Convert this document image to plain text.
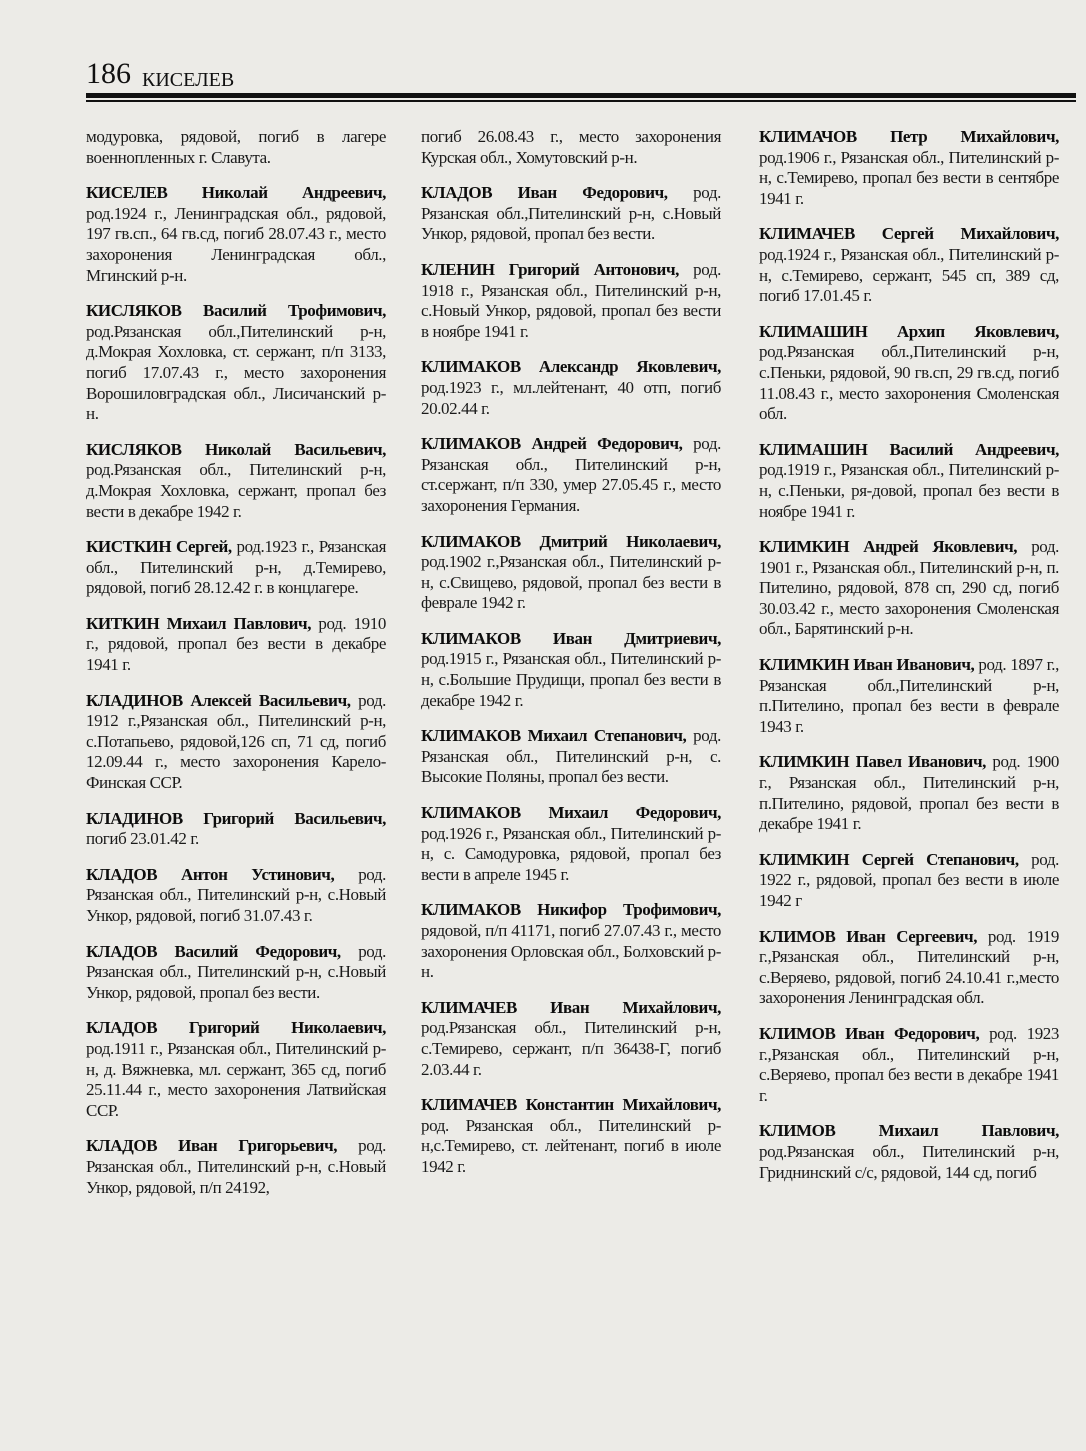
186 КИСЕЛЕВ

модуровка, рядовой, погиб в лагере военнопленных г. Славута.

КИСЕЛЕВ Николай Андреевич, род.1924 г., Ленинградская обл., рядовой, 197 гв.сп., 64 гв.сд, погиб 28.07.43 г., место захоронения Ленинградская обл., Мгинский р-н.

КИСЛЯКОВ Василий Трофимович, род.Рязанская обл.,Пителинский р-н, д.Мокрая Хохловка, ст. сержант, п/п 3133, погиб 17.07.43 г., место захоронения Ворошиловградская обл., Лисичанский р-н.

КИСЛЯКОВ Николай Васильевич, род.Рязанская обл., Пителинский р-н, д.Мокрая Хохловка, сержант, пропал без вести в декабре 1942 г.

КИСТКИН Сергей, род.1923 г., Рязанская обл., Пителинский р-н, д.Темирево, рядовой, погиб 28.12.42 г. в концлагере.

КИТКИН Михаил Павлович, род. 1910 г., рядовой, пропал без вести в декабре 1941 г.

КЛАДИНОВ Алексей Васильевич, род. 1912 г.,Рязанская обл., Пителинский р-н, с.Потапьево, рядовой,126 сп, 71 сд, погиб 12.09.44 г., место захоронения Карело-Финская ССР.

КЛАДИНОВ Григорий Васильевич, погиб 23.01.42 г.

КЛАДОВ Антон Устинович, род. Рязанская обл., Пителинский р-н, с.Новый Ункор, рядовой, погиб 31.07.43 г.

КЛАДОВ Василий Федорович, род. Рязанская обл., Пителинский р-н, с.Новый Ункор, рядовой, пропал без вести.

КЛАДОВ Григорий Николаевич, род.1911 г., Рязанская обл., Пителинский р-н, д. Вяжневка, мл. сержант, 365 сд, погиб 25.11.44 г., место захоронения Латвийская ССР.

КЛАДОВ Иван Григорьевич, род. Рязанская обл., Пителинский р-н, с.Новый Ункор, рядовой, п/п 24192,

погиб 26.08.43 г., место захоронения Курская обл., Хомутовский р-н.

КЛАДОВ Иван Федорович, род. Рязанская обл.,Пителинский р-н, с.Новый Ункор, рядовой, пропал без вести.

КЛЕНИН Григорий Антонович, род. 1918 г., Рязанская обл., Пителинский р-н, с.Новый Ункор, рядовой, пропал без вести в ноябре 1941 г.

КЛИМАКОВ Александр Яковлевич, род.1923 г., мл.лейтенант, 40 отп, погиб 20.02.44 г.

КЛИМАКОВ Андрей Федорович, род. Рязанская обл., Пителинский р-н, ст.сержант, п/п 330, умер 27.05.45 г., место захоронения Германия.

КЛИМАКОВ Дмитрий Николаевич, род.1902 г.,Рязанская обл., Пителинский р-н, с.Свищево, рядовой, пропал без вести в феврале 1942 г.

КЛИМАКОВ Иван Дмитриевич, род.1915 г., Рязанская обл., Пителинский р-н, с.Большие Прудищи, пропал без вести в декабре 1942 г.

КЛИМАКОВ Михаил Степанович, род. Рязанская обл., Пителинский р-н, с. Высокие Поляны, пропал без вести.

КЛИМАКОВ Михаил Федорович, род.1926 г., Рязанская обл., Пителинский р-н, с. Самодуровка, рядовой, пропал без вести в апреле 1945 г.

КЛИМАКОВ Никифор Трофимович, рядовой, п/п 41171, погиб 27.07.43 г., место захоронения Орловская обл., Болховский р-н.

КЛИМАЧЕВ Иван Михайлович, род.Рязанская обл., Пителинский р-н, с.Темирево, сержант, п/п 36438-Г, погиб 2.03.44 г.

КЛИМАЧЕВ Константин Михайлович, род. Рязанская обл., Пителинский р-н,с.Темирево, ст. лейтенант, погиб в июле 1942 г.

КЛИМАЧОВ Петр Михайлович, род.1906 г., Рязанская обл., Пителинский р-н, с.Темирево, пропал без вести в сентябре 1941 г.

КЛИМАЧЕВ Сергей Михайлович, род.1924 г., Рязанская обл., Пителинский р-н, с.Темирево, сержант, 545 сп, 389 сд, погиб 17.01.45 г.

КЛИМАШИН Архип Яковлевич, род.Рязанская обл.,Пителинский р-н, с.Пеньки, рядовой, 90 гв.сп, 29 гв.сд, погиб 11.08.43 г., место захоронения Смоленская обл.

КЛИМАШИН Василий Андреевич, род.1919 г., Рязанская обл., Пителинский р-н, с.Пеньки, ря-довой, пропал без вести в ноябре 1941 г.

КЛИМКИН Андрей Яковлевич, род. 1901 г., Рязанская обл., Пителинский р-н, п. Пителино, рядовой, 878 сп, 290 сд, погиб 30.03.42 г., место захоронения Смоленская обл., Барятинский р-н.

КЛИМКИН Иван Иванович, род. 1897 г., Рязанская обл.,Пителинский р-н, п.Пителино, пропал без вести в феврале 1943 г.

КЛИМКИН Павел Иванович, род. 1900 г., Рязанская обл., Пителинский р-н, п.Пителино, рядовой, пропал без вести в декабре 1941 г.

КЛИМКИН Сергей Степанович, род. 1922 г., рядовой, пропал без вести в июле 1942 г

КЛИМОВ Иван Сергеевич, род. 1919 г.,Рязанская обл., Пителинский р-н, с.Веряево, рядовой, погиб 24.10.41 г.,место захоронения Ленинградская обл.

КЛИМОВ Иван Федорович, род. 1923 г.,Рязанская обл., Пителинский р-н, с.Веряево, пропал без вести в декабре 1941 г.

КЛИМОВ Михаил Павлович, род.Рязанская обл., Пителинский р-н, Гриднинский с/с, рядовой, 144 сд, погиб
